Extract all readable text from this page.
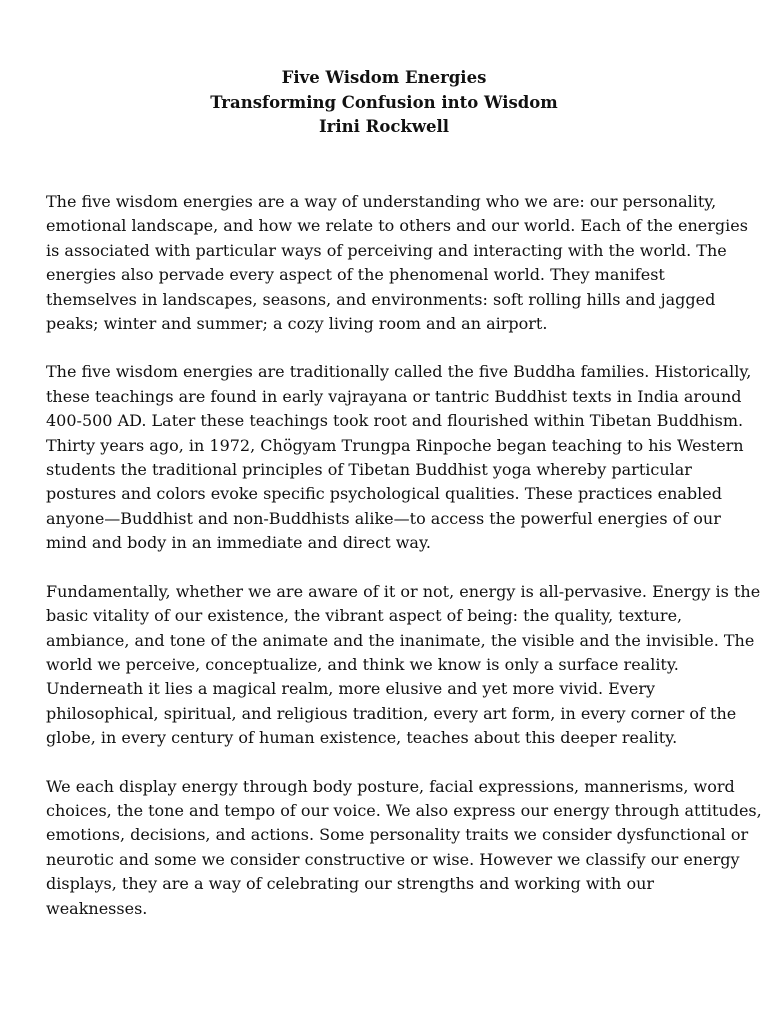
Five Wisdom Energies
Transforming Confusion into Wisdom
Irini Rockwell

The five wisdom energies are a way of understanding who we are: our personality,
emotional landscape, and how we relate to others and our world. Each of the energies
is associated with particular ways of perceiving and interacting with the world. The
energies also pervade every aspect of the phenomenal world. They manifest
themselves in landscapes, seasons, and environments: soft rolling hills and jagged
peaks; winter and summer; a cozy living room and an airport.

The five wisdom energies are traditionally called the five Buddha families. Historically,
these teachings are found in early vajrayana or tantric Buddhist texts in India around
400-500 AD. Later these teachings took root and flourished within Tibetan Buddhism.
Thirty years ago, in 1972, Chögyam Trungpa Rinpoche began teaching to his Western
students the traditional principles of Tibetan Buddhist yoga whereby particular
postures and colors evoke specific psychological qualities. These practices enabled
anyone—Buddhist and non-Buddhists alike—to access the powerful energies of our
mind and body in an immediate and direct way.

Fundamentally, whether we are aware of it or not, energy is all-pervasive. Energy is the
basic vitality of our existence, the vibrant aspect of being: the quality, texture,
ambiance, and tone of the animate and the inanimate, the visible and the invisible. The
world we perceive, conceptualize, and think we know is only a surface reality.
Underneath it lies a magical realm, more elusive and yet more vivid. Every
philosophical, spiritual, and religious tradition, every art form, in every corner of the
globe, in every century of human existence, teaches about this deeper reality.

We each display energy through body posture, facial expressions, mannerisms, word
choices, the tone and tempo of our voice. We also express our energy through attitudes,
emotions, decisions, and actions. Some personality traits we consider dysfunctional or
neurotic and some we consider constructive or wise. However we classify our energy
displays, they are a way of celebrating our strengths and working with our
weaknesses.
